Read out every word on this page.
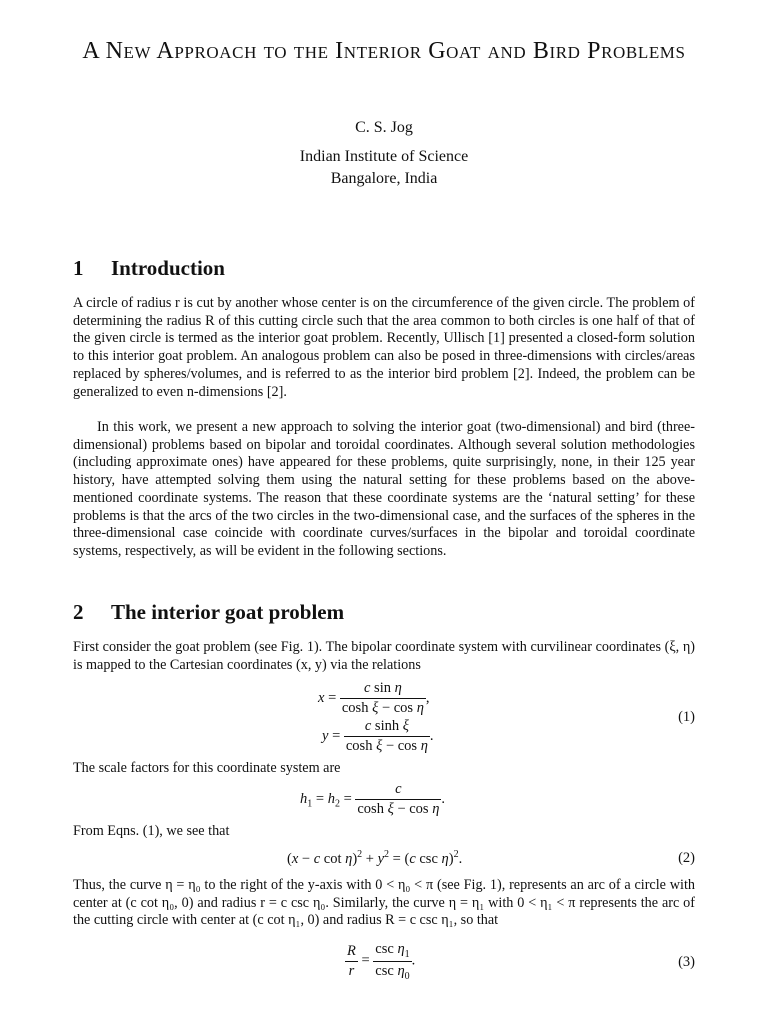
A New Approach to the Interior Goat and Bird Problems
C. S. Jog
Indian Institute of Science
Bangalore, India
1 Introduction

A circle of radius r is cut by another whose center is on the circumference of the given circle. The problem of determining the radius R of this cutting circle such that the area common to both circles is one half of that of the given circle is termed as the interior goat problem. Recently, Ullisch [1] presented a closed-form solution to this interior goat problem. An analogous problem can also be posed in three-dimensions with circles/areas replaced by spheres/volumes, and is referred to as the interior bird problem [2]. Indeed, the problem can be generalized to even n-dimensions [2].

In this work, we present a new approach to solving the interior goat (two-dimensional) and bird (three-dimensional) problems based on bipolar and toroidal coordinates. Although several solution methodologies (including approximate ones) have appeared for these problems, quite surprisingly, none, in their 125 year history, have attempted solving them using the natural setting for these problems based on the above-mentioned coordinate systems. The reason that these coordinate systems are the ‘natural setting’ for these problems is that the arcs of the two circles in the two-dimensional case, and the surfaces of the spheres in the three-dimensional case coincide with coordinate curves/surfaces in the bipolar and toroidal coordinate systems, respectively, as will be evident in the following sections.

2 The interior goat problem

First consider the goat problem (see Fig. 1). The bipolar coordinate system with curvilinear coordinates (ξ, η) is mapped to the Cartesian coordinates (x, y) via the relations

$x = \frac{\text{c sin η}}{\text{cosh ξ − cos η}}$ ,
$y = \frac{\text{c sinh ξ}}{\text{cosh ξ − cos η}}$ .
(1)

The scale factors for this coordinate system are

$h_1 = h_2 = \frac{c}{\text{cosh ξ − cos η}}$ .

From Eqns. (1), we see that

(x − c $\cot \eta)^2 + y^2 = (c$ csc η)$^2$.	(2)

Thus, the curve η = η₀ to the right of the y-axis with 0 < η₀ < π (see Fig. 1), represents an arc of a circle with center at (c cot η₀, 0) and radius r = c csc η₀. Similarly, the curve η = η₁ with 0 < η₁ < π represents the arc of the cutting circle with center at (c cot η₁, 0) and radius R = c csc η₁, so that

$\frac{R}{r} = \frac{\csc \eta_1}{\csc \eta_0}$ .	(3)
